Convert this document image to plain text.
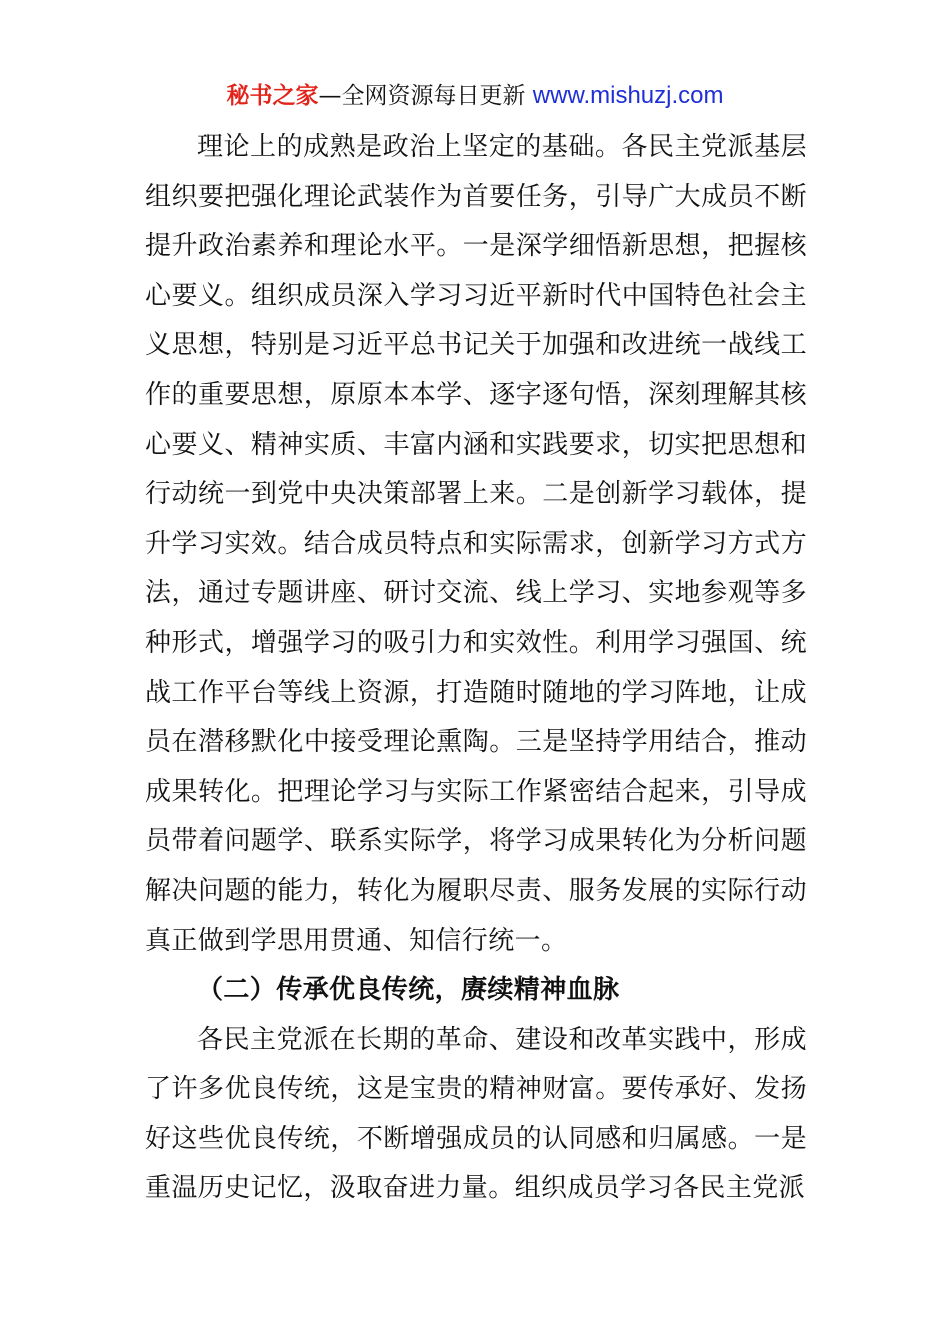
秘书之家—全网资源每日更新 www.mishuzj.com

理论上的成熟是政治上坚定的基础。各民主党派基层组织要把强化理论武装作为首要任务，引导广大成员不断提升政治素养和理论水平。一是深学细悟新思想，把握核心要义。组织成员深入学习习近平新时代中国特色社会主义思想，特别是习近平总书记关于加强和改进统一战线工作的重要思想，原原本本学、逐字逐句悟，深刻理解其核心要义、精神实质、丰富内涵和实践要求，切实把思想和行动统一到党中央决策部署上来。二是创新学习载体，提升学习实效。结合成员特点和实际需求，创新学习方式方法，通过专题讲座、研讨交流、线上学习、实地参观等多种形式，增强学习的吸引力和实效性。利用学习强国、统战工作平台等线上资源，打造随时随地的学习阵地，让成员在潜移默化中接受理论熏陶。三是坚持学用结合，推动成果转化。把理论学习与实际工作紧密结合起来，引导成员带着问题学、联系实际学，将学习成果转化为分析问题解决问题的能力，转化为履职尽责、服务发展的实际行动真正做到学思用贯通、知信行统一。

（二）传承优良传统，赓续精神血脉

各民主党派在长期的革命、建设和改革实践中，形成了许多优良传统，这是宝贵的精神财富。要传承好、发扬好这些优良传统，不断增强成员的认同感和归属感。一是重温历史记忆，汲取奋进力量。组织成员学习各民主党派
